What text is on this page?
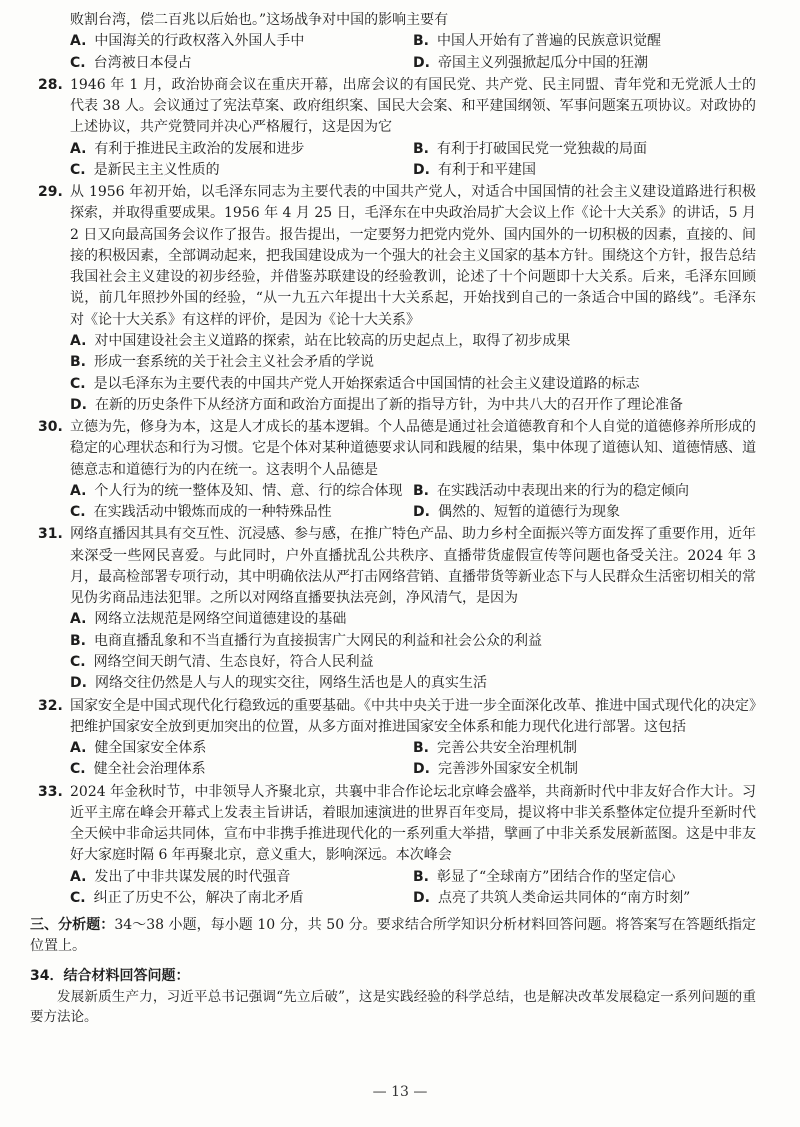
败割台湾，偿二百兆以后始也。”这场战争对中国的影响主要有
A. 中国海关的行政权落入外国人手中	B. 中国人开始有了普遍的民族意识觉醒
C. 台湾被日本侵占	D. 帝国主义列强掀起瓜分中国的狂潮
28. 1946 年 1 月，政治协商会议在重庆开幕，出席会议的有国民党、共产党、民主同盟、青年党和无党派人士的代表 38 人。会议通过了宪法草案、政府组织案、国民大会案、和平建国纲领、军事问题案五项协议。对政协的上述协议，共产党赞同并决心严格履行，这是因为它
A. 有利于推进民主政治的发展和进步	B. 有利于打破国民党一党独裁的局面
C. 是新民主主义性质的	D. 有利于和平建国
29. 从 1956 年初开始，以毛泽东同志为主要代表的中国共产党人，对适合中国国情的社会主义建设道路进行积极探索，并取得重要成果。1956 年 4 月 25 日，毛泽东在中央政治局扩大会议上作《论十大关系》的讲话，5 月 2 日又向最高国务会议作了报告。报告提出，一定要努力把党内党外、国内国外的一切积极的因素，直接的、间接的积极因素，全部调动起来，把我国建设成为一个强大的社会主义国家的基本方针。围绕这个方针，报告总结我国社会主义建设的初步经验，并借鉴苏联建设的经验教训，论述了十个问题即十大关系。后来，毛泽东回顾说，前几年照抄外国的经验，“从一九五六年提出十大关系起，开始找到自己的一条适合中国的路线”。毛泽东对《论十大关系》有这样的评价，是因为《论十大关系》
A. 对中国建设社会主义道路的探索，站在比较高的历史起点上，取得了初步成果
B. 形成一套系统的关于社会主义社会矛盾的学说
C. 是以毛泽东为主要代表的中国共产党人开始探索适合中国国情的社会主义建设道路的标志
D. 在新的历史条件下从经济方面和政治方面提出了新的指导方针，为中共八大的召开作了理论准备
30. 立德为先，修身为本，这是人才成长的基本逻辑。个人品德是通过社会道德教育和个人自觉的道德修养所形成的稳定的心理状态和行为习惯。它是个体对某种道德要求认同和践履的结果，集中体现了道德认知、道德情感、道德意志和道德行为的内在统一。这表明个人品德是
A. 个人行为的统一整体及知、情、意、行的综合体现 B. 在实践活动中表现出来的行为的稳定倾向
C. 在实践活动中锻炼而成的一种特殊品性	D. 偶然的、短暂的道德行为现象
31. 网络直播因其具有交互性、沉浸感、参与感，在推广特色产品、助力乡村全面振兴等方面发挥了重要作用，近年来深受一些网民喜爱。与此同时，户外直播扰乱公共秩序、直播带货虚假宣传等问题也备受关注。2024 年 3 月，最高检部署专项行动，其中明确依法从严打击网络营销、直播带货等新业态下与人民群众生活密切相关的常见伪劣商品违法犯罪。之所以对网络直播要执法亮剑，净风清气，是因为
A. 网络立法规范是网络空间道德建设的基础
B. 电商直播乱象和不当直播行为直接损害广大网民的利益和社会公众的利益
C. 网络空间天朗气清、生态良好，符合人民利益
D. 网络交往仍然是人与人的现实交往，网络生活也是人的真实生活
32. 国家安全是中国式现代化行稳致远的重要基础。《中共中央关于进一步全面深化改革、推进中国式现代化的决定》把维护国家安全放到更加突出的位置，从多方面对推进国家安全体系和能力现代化进行部署。这包括
A. 健全国家安全体系	B. 完善公共安全治理机制
C. 健全社会治理体系	D. 完善涉外国家安全机制
33. 2024 年金秋时节，中非领导人齐聚北京，共襄中非合作论坛北京峰会盛举，共商新时代中非友好合作大计。习近平主席在峰会开幕式上发表主旨讲话，着眼加速演进的世界百年变局，提议将中非关系整体定位提升至新时代全天候中非命运共同体，宣布中非携手推进现代化的一系列重大举措，擘画了中非关系发展新蓝图。这是中非友好大家庭时隔 6 年再聚北京，意义重大，影响深远。本次峰会
A. 发出了中非共谋发展的时代强音	B. 彰显了“全球南方”团结合作的坚定信心
C. 纠正了历史不公，解决了南北矛盾	D. 点亮了共筑人类命运共同体的“南方时刻”
三、分析题：34～38 小题，每小题 10 分，共 50 分。要求结合所学知识分析材料回答问题。将答案写在答题纸指定位置上。
34．结合材料回答问题：
发展新质生产力，习近平总书记强调“先立后破”，这是实践经验的科学总结，也是解决改革发展稳定一系列问题的重要方法论。
— 13 —
